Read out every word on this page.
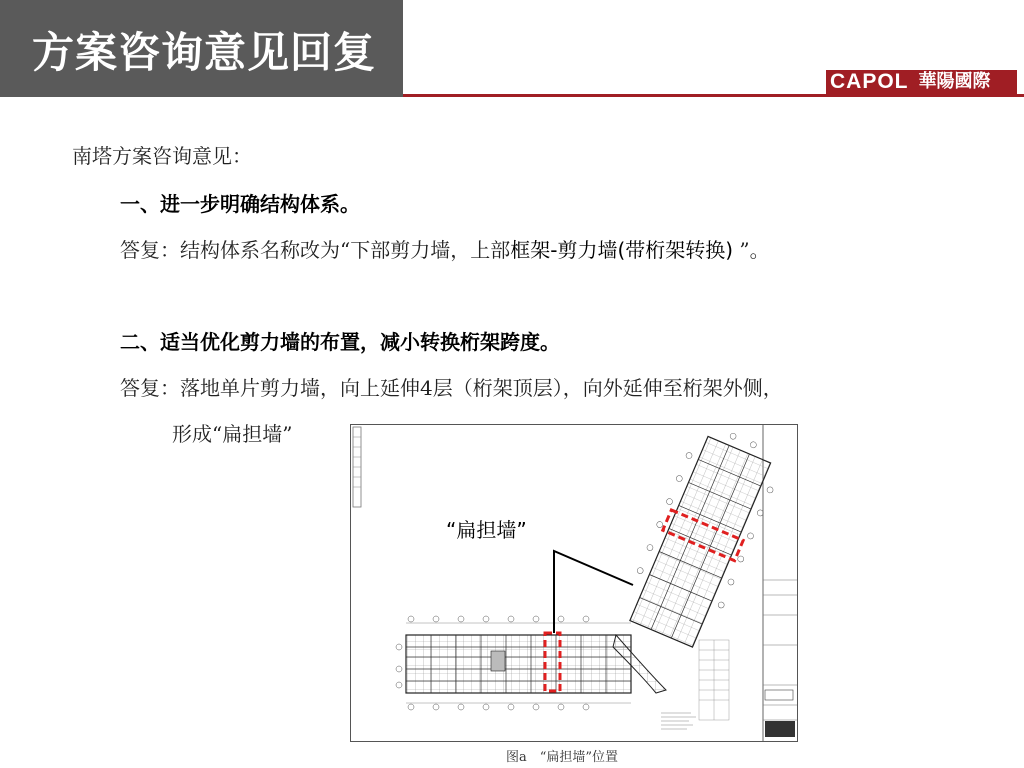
方案咨询意见回复
CAPOL 華陽國際
南塔方案咨询意见：
一、进一步明确结构体系。
答复：结构体系名称改为“下部剪力墙，上部框架-剪力墙(带桁架转换) ”。
二、适当优化剪力墙的布置，减小转换桁架跨度。
答复：落地单片剪力墙，向上延伸4层（桁架顶层），向外延伸至桁架外侧，
形成“扁担墙”
“扁担墙”
图a　“扁担墙”位置
